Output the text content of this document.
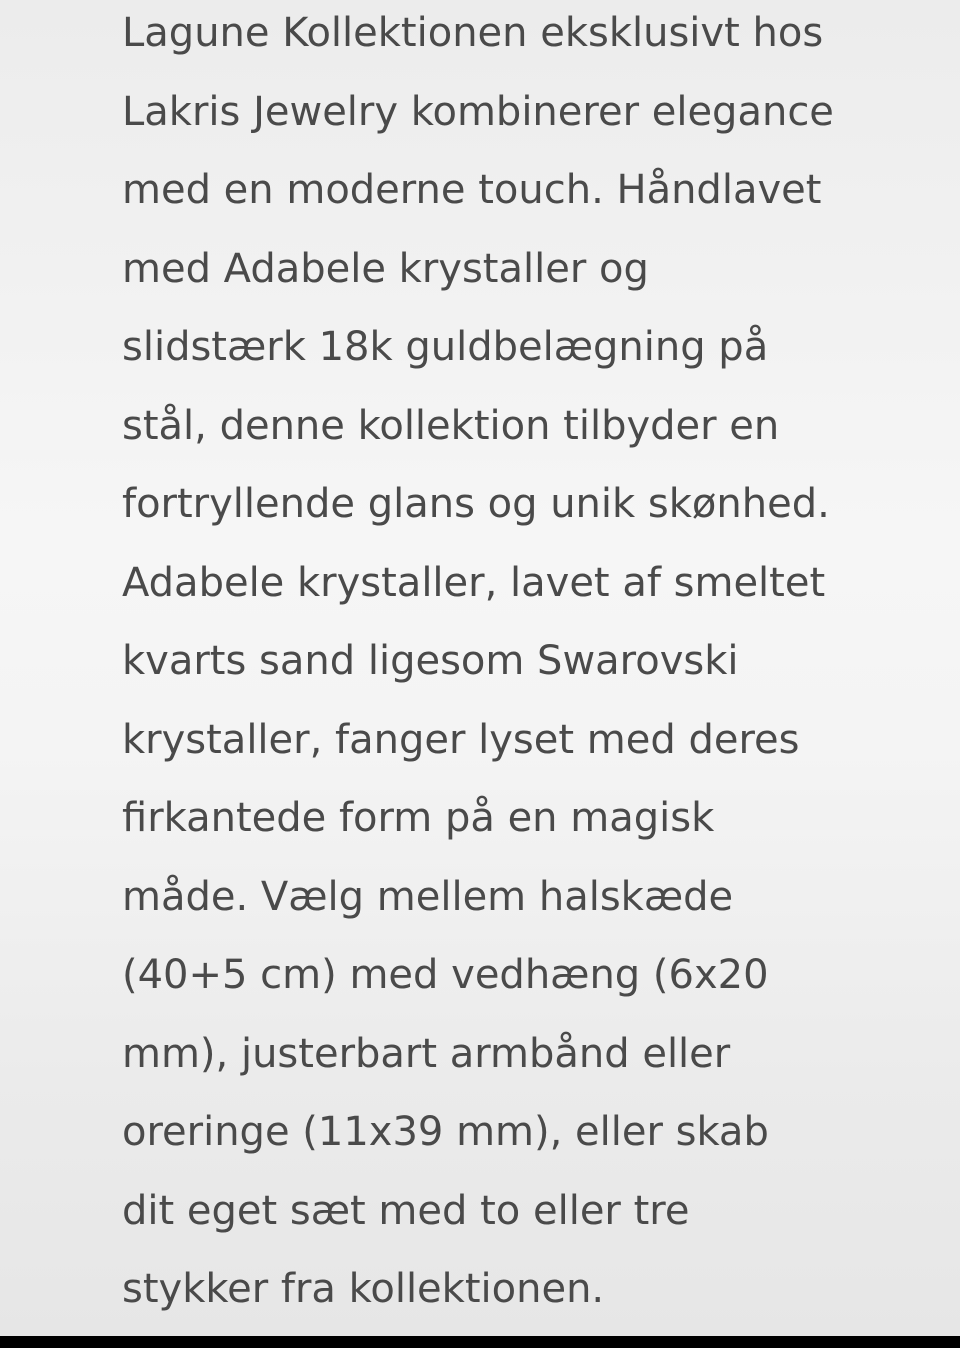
Lagune Kollektionen eksklusivt hos
Lakris Jewelry kombinerer elegance
med en moderne touch. Håndlavet
med Adabele krystaller og
slidstærk 18k guldbelægning på
stål, denne kollektion tilbyder en
fortryllende glans og unik skønhed.
Adabele krystaller, lavet af smeltet
kvarts sand ligesom Swarovski
krystaller, fanger lyset med deres
firkantede form på en magisk
måde. Vælg mellem halskæde
(40+5 cm) med vedhæng (6x20
mm), justerbart armbånd eller
oreringe (11x39 mm), eller skab
dit eget sæt med to eller tre
stykker fra kollektionen.
